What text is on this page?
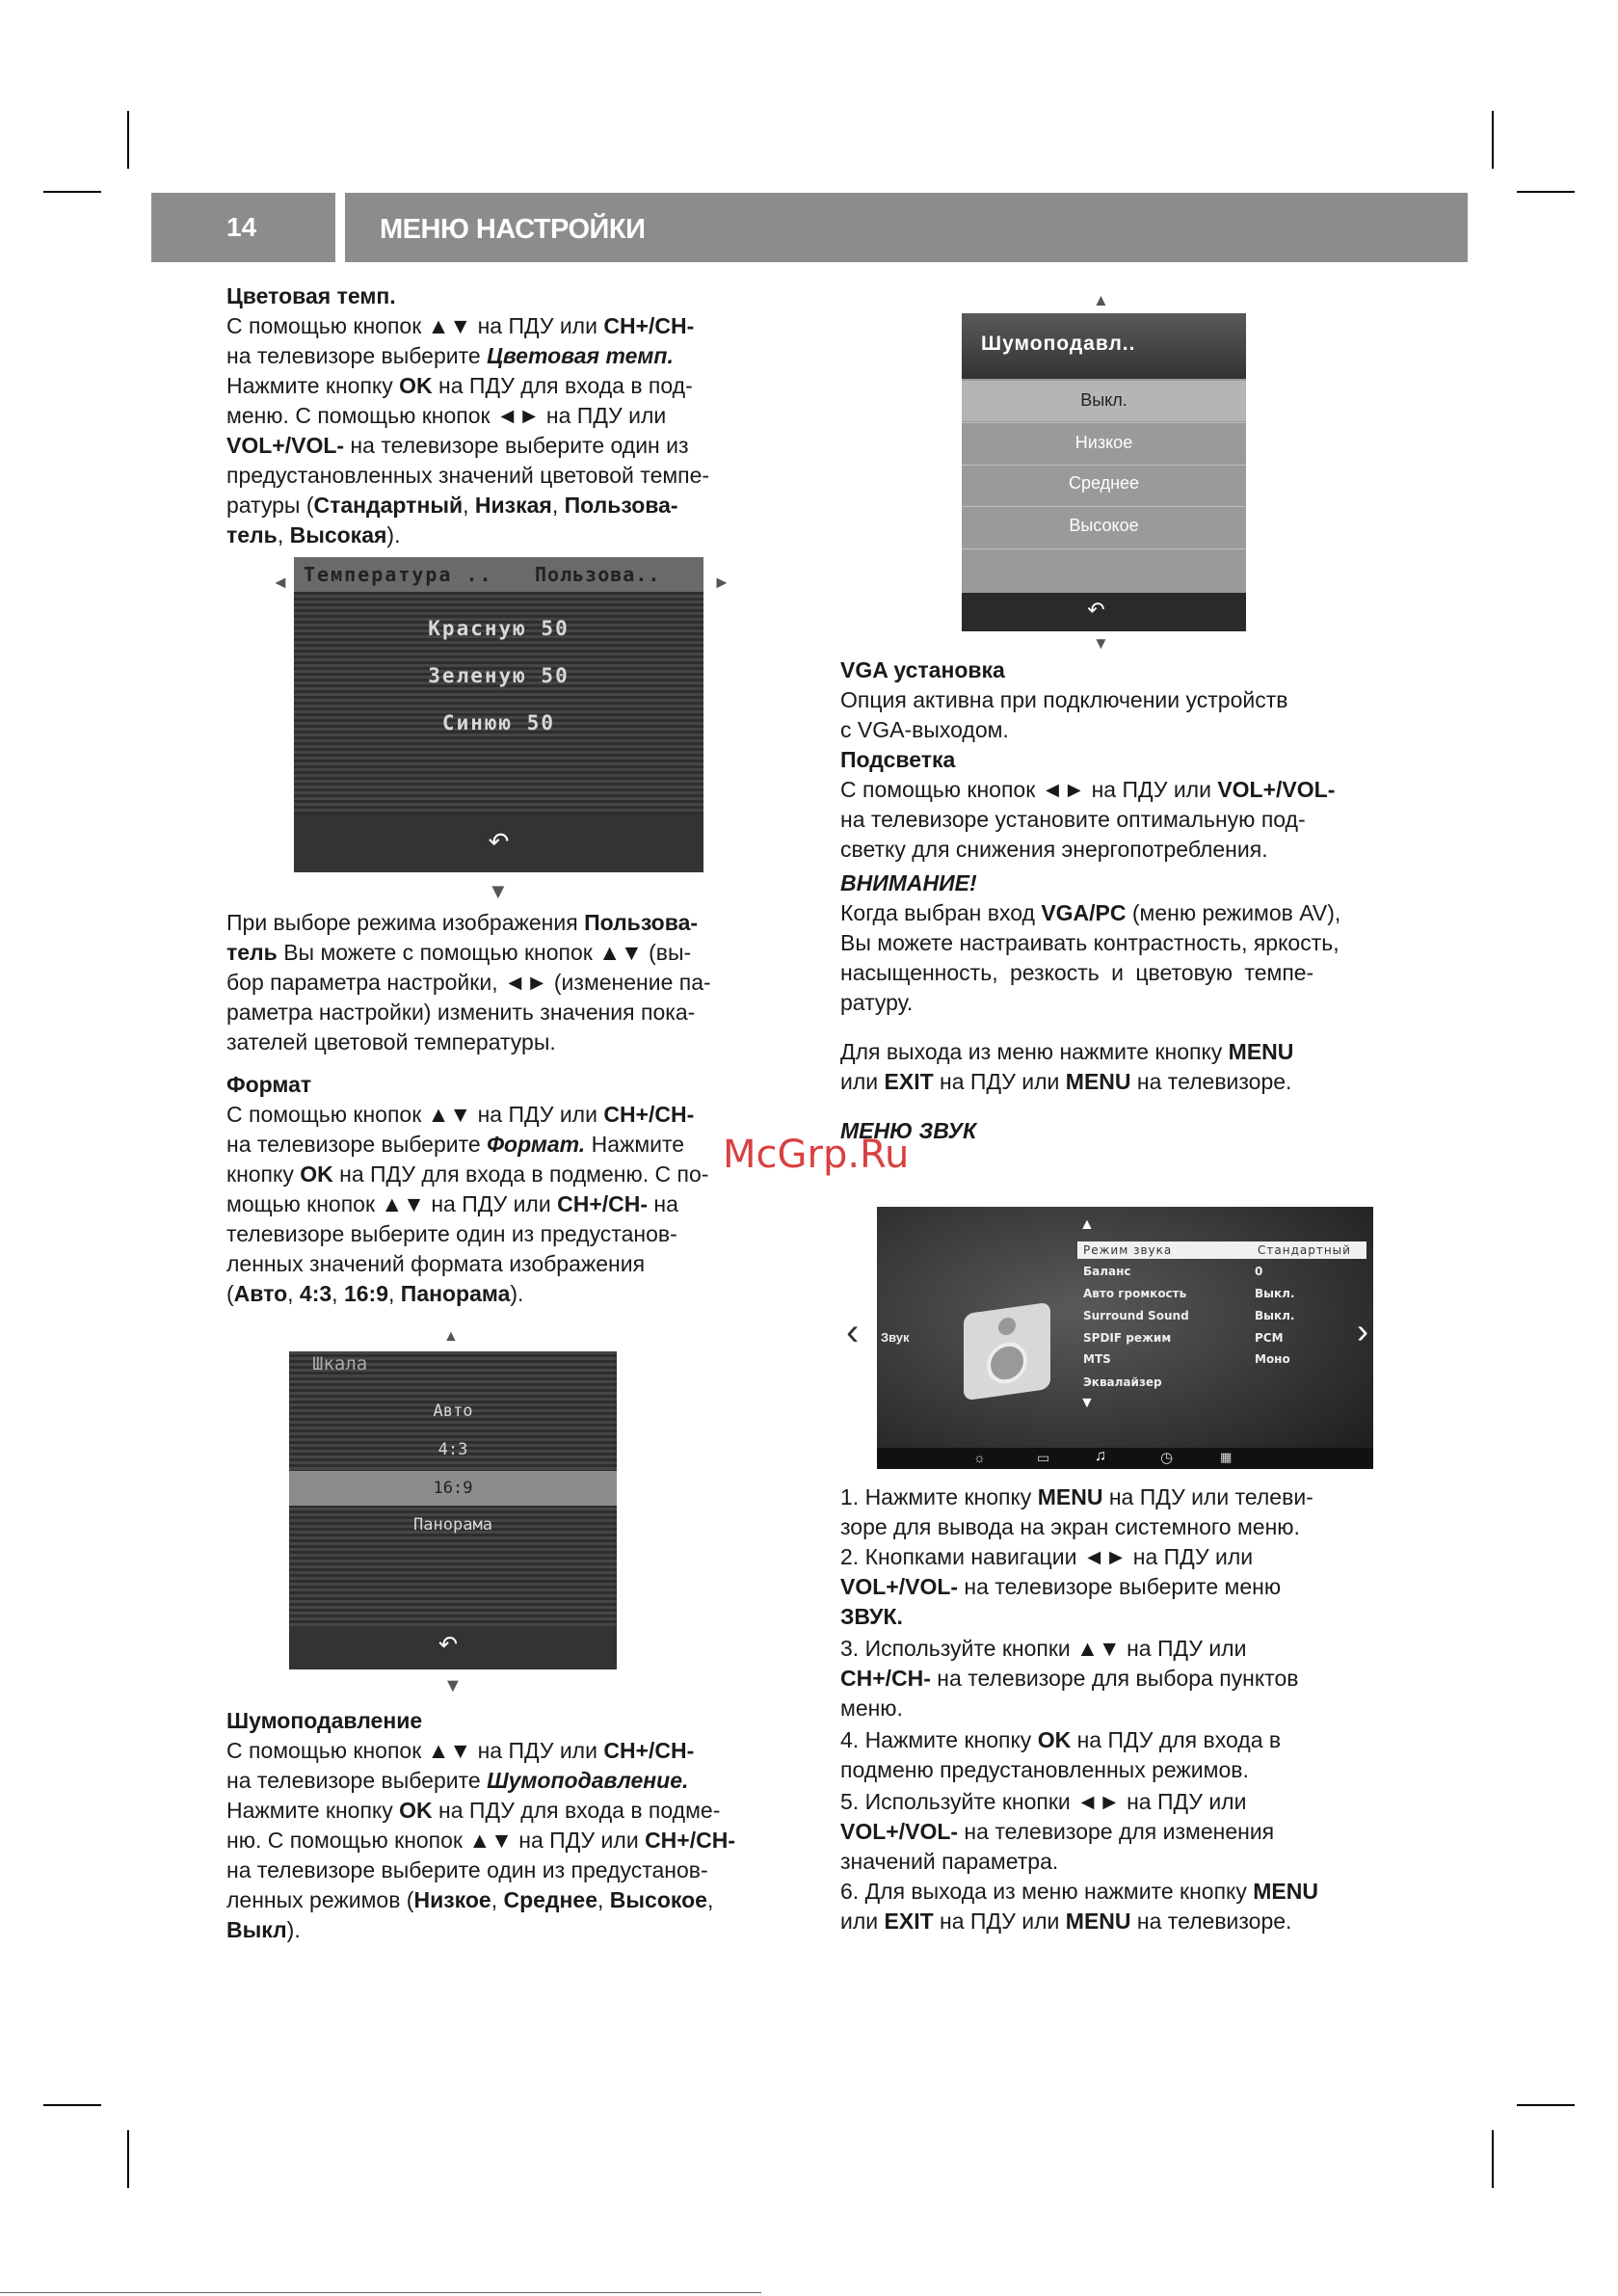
14	МЕНЮ НАСТРОЙКИ

Цветовая темп.

С помощью кнопок ▲▼ на ПДУ или CH+/CH-

на телевизоре выберите Цветовая темп.

Нажмите кнопку OK на ПДУ для входа в под-

меню. С помощью кнопок ◄► на ПДУ или

VOL+/VOL- на телевизоре выберите один из

предустановленных значений цветовой темпе-

ратуры (Стандартный, Низкая, Пользова-

тель, Высокая).

◄	►
Температура .. Пользова..
Красную 50
Зеленую 50
Синюю 50
↶
▼

При выборе режима изображения Пользова-

тель Вы можете с помощью кнопок ▲▼ (вы-

бор параметра настройки, ◄► (изменение па-

раметра настройки) изменить значения пока-

зателей цветовой температуры.

Формат

С помощью кнопок ▲▼ на ПДУ или CH+/CH-

на телевизоре выберите Формат. Нажмите

кнопку OK на ПДУ для входа в подменю. С по-

мощью кнопок ▲▼ на ПДУ или CH+/CH- на

телевизоре выберите один из предустанов-

ленных значений формата изображения

(Авто, 4:3, 16:9, Панорама).

▲
Шкала
Авто
4:3
16:9
Панорама
↶
▼

Шумоподавление

С помощью кнопок ▲▼ на ПДУ или CH+/CH-

на телевизоре выберите Шумоподавление.

Нажмите кнопку OK на ПДУ для входа в подме-

ню. С помощью кнопок ▲▼ на ПДУ или CH+/CH-

на телевизоре выберите один из предустанов-

ленных режимов (Низкое, Среднее, Высокое,

Выкл).

▲
Шумоподавл..
Выкл.
Низкое
Среднее
Высокое
↶
▼

VGA установка

Опция активна при подключении устройств

с VGA-выходом.

Подсветка

С помощью кнопок ◄► на ПДУ или VOL+/VOL-

на телевизоре установите оптимальную под-

светку для снижения энергопотребления.

ВНИМАНИЕ!

Когда выбран вход VGA/PC (меню режимов AV),

Вы можете настраивать контрастность, яркость,

насыщенность, резкость и цветовую темпе-

ратуру.

Для выхода из меню нажмите кнопку MENU

или EXIT на ПДУ или MENU на телевизоре.

МЕНЮ ЗВУК

McGrp.Ru
‹ Звук
▲
Режим звука	Стандартный
Баланс	0
Авто громкость	Выкл.
Surround Sound	Выкл.
SPDIF режим	PCM
MTS	Моно
Эквалайзер
▼
›
☼	▭	♫	◷	▦

1. Нажмите кнопку MENU на ПДУ или телеви-

зоре для вывода на экран системного меню.

2. Кнопками навигации ◄► на ПДУ или

VOL+/VOL- на телевизоре выберите меню

ЗВУК.

3. Используйте кнопки ▲▼ на ПДУ или

CH+/CH- на телевизоре для выбора пунктов

меню.

4. Нажмите кнопку OK на ПДУ для входа в

подменю предустановленных режимов.

5. Используйте кнопки ◄► на ПДУ или

VOL+/VOL- на телевизоре для изменения

значений параметра.

6. Для выхода из меню нажмите кнопку MENU

или EXIT на ПДУ или MENU на телевизоре.
